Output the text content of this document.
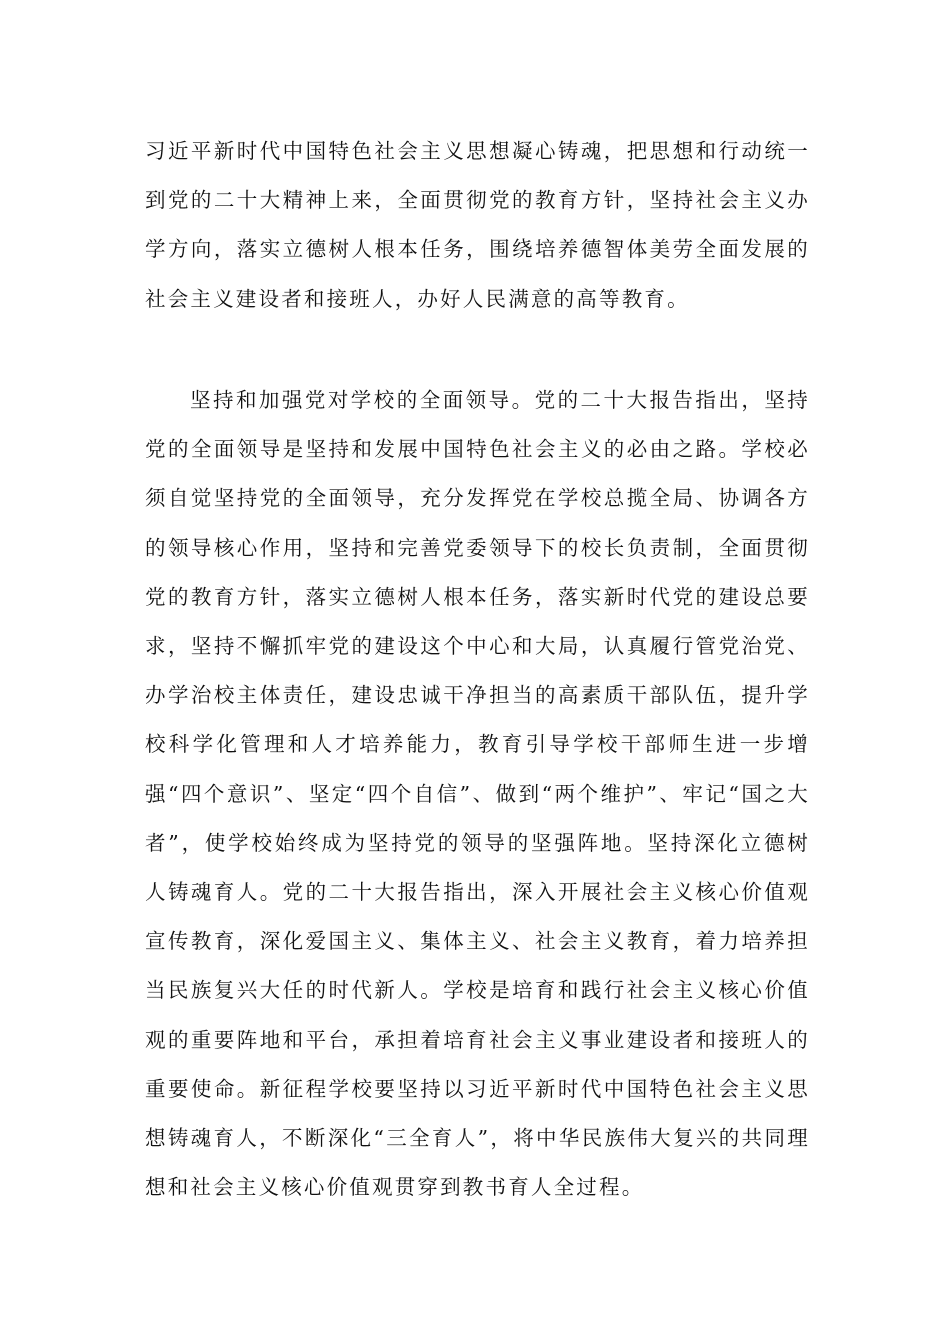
习近平新时代中国特色社会主义思想凝心铸魂，把思想和行动统一到党的二十大精神上来，全面贯彻党的教育方针，坚持社会主义办学方向，落实立德树人根本任务，围绕培养德智体美劳全面发展的社会主义建设者和接班人，办好人民满意的高等教育。

坚持和加强党对学校的全面领导。党的二十大报告指出，坚持党的全面领导是坚持和发展中国特色社会主义的必由之路。学校必须自觉坚持党的全面领导，充分发挥党在学校总揽全局、协调各方的领导核心作用，坚持和完善党委领导下的校长负责制，全面贯彻党的教育方针，落实立德树人根本任务，落实新时代党的建设总要求，坚持不懈抓牢党的建设这个中心和大局，认真履行管党治党、办学治校主体责任，建设忠诚干净担当的高素质干部队伍，提升学校科学化管理和人才培养能力，教育引导学校干部师生进一步增强“四个意识”、坚定“四个自信”、做到“两个维护”、牢记“国之大者”，使学校始终成为坚持党的领导的坚强阵地。坚持深化立德树人铸魂育人。党的二十大报告指出，深入开展社会主义核心价值观宣传教育，深化爱国主义、集体主义、社会主义教育，着力培养担当民族复兴大任的时代新人。学校是培育和践行社会主义核心价值观的重要阵地和平台，承担着培育社会主义事业建设者和接班人的重要使命。新征程学校要坚持以习近平新时代中国特色社会主义思想铸魂育人，不断深化“三全育人”，将中华民族伟大复兴的共同理想和社会主义核心价值观贯穿到教书育人全过程。
